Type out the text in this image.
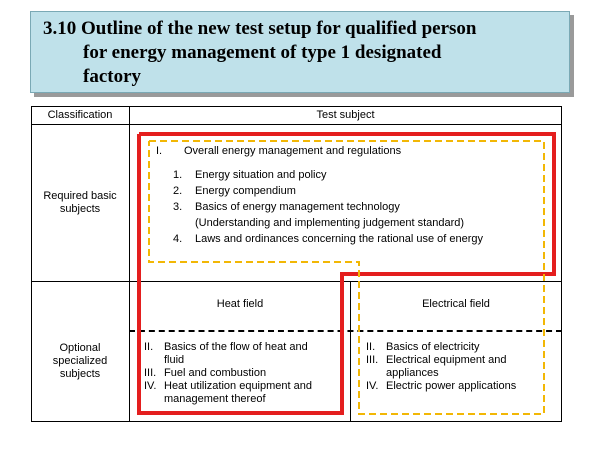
3.10 Outline of the new test setup for qualified person
for energy management of type 1 designated
factory
Classification	Test subject
Required basic
subjects
Optional
specialized
subjects
I. Overall energy management and regulations
1. Energy situation and policy
2. Energy compendium
3. Basics of energy management technology
(Understanding and implementing judgement standard)
4. Laws and ordinances concerning the rational use of energy
Heat field
II. Basics of the flow of heat and
fluid
III. Fuel and combustion
IV. Heat utilization equipment and
management thereof
Electrical field
II. Basics of electricity
III. Electrical equipment and
appliances
IV. Electric power applications
